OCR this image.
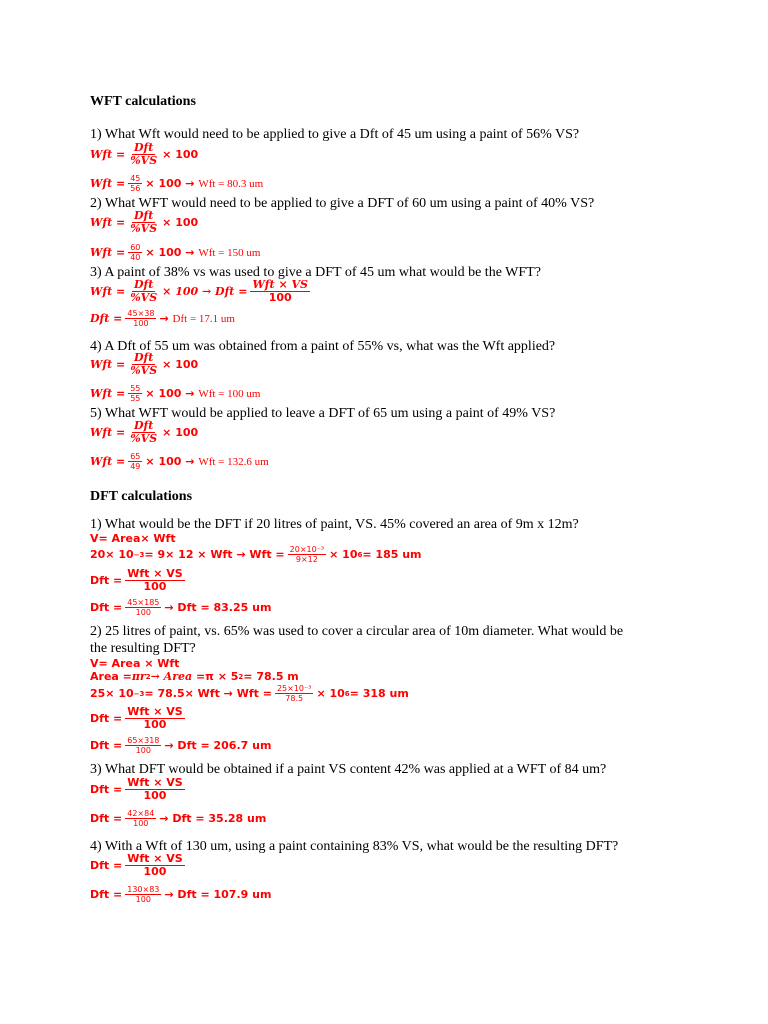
WFT calculations

1) What Wft would need to be applied to give a Dft of 45 um using a paint of 56% VS?

Wft = $\frac{\text{Dft}}{\%VS} \times 100$
Wft = $\frac{45}{56} \times 100$ →
Wft = 80.3 um

2) What WFT would need to be applied to give a DFT of 60 um using a paint of 40% VS?

Wft = $\frac{\text{Dft}}{\%VS} \times 100$
Wft = $\frac{60}{40} \times 100$ →
Wft = 150 um

3) A paint of 38% vs was used to give a DFT of 45 um what would be the WFT?

Wft = $\frac{\text{Dft}}{\%VS} \times 100$ → Dft = $\frac{\text{Wft × VS}}{100}$
Dft = $\frac{45\times 38}{100}$ →
Dft = 17.1 um

4) A Dft of 55 um was obtained from a paint of 55% vs, what was the Wft applied?

Wft = $\frac{\text{Dft}}{\%VS} \times 100$
Wft = $\frac{55}{55} \times 100$ →
Wft = 100 um

5) What WFT would be applied to leave a DFT of 65 um using a paint of 49% VS?

Wft = $\frac{\text{Dft}}{\%VS} \times 100$
Wft = $\frac{65}{49} \times 100$ →
Wft = 132.6 um
DFT calculations

1) What would be the DFT if 20 litres of paint, VS. 45% covered an area of 9m x 12m?

V= Area× Wft
20× 10 −3 = 9× 12 × Wft → Wft = $\frac{\text{20×10⁻³}}{9\times 12} \times 10$ 6 = 185 um
Dft = $\frac{\text{Wft × VS}}{100}$
Dft = $\frac{45\times 185}{100}$ → Dft = 83.25 um

2) 25 litres of paint, vs. 65% was used to cover a circular area of 10m diameter. What would be the resulting DFT?

V= Area × Wft
Area = πr 2 → Area = π × 5 2 = 78.5 m
25× 10 −3 = 78.5× Wft → Wft = $\frac{\text{25×10⁻³}}{78.5} \times 10$ 6 = 318 um
Dft = $\frac{\text{Wft × VS}}{100}$
Dft = $\frac{65\times 318}{100}$ → Dft = 206.7 um

3) What DFT would be obtained if a paint VS content 42% was applied at a WFT of 84 um?

Dft = $\frac{\text{Wft × VS}}{100}$
Dft = $\frac{42\times 84}{100}$ → Dft = 35.28 um

4) With a Wft of 130 um, using a paint containing 83% VS, what would be the resulting DFT?

Dft = $\frac{\text{Wft × VS}}{100}$
Dft = $\frac{130\times 83}{100}$ → Dft = 107.9 um
